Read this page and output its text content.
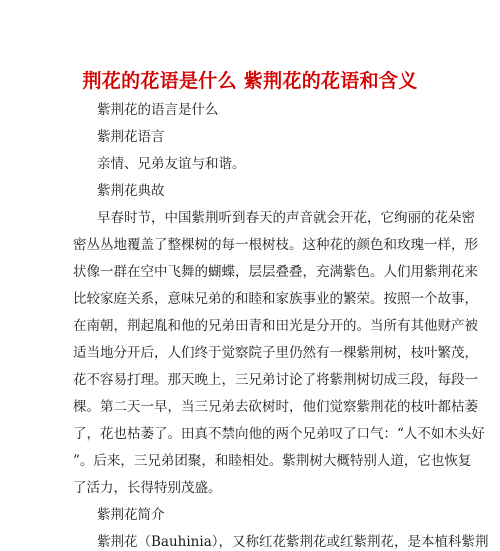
荆花的花语是什么 紫荆花的花语和含义
紫荆花的语言是什么
紫荆花语言
亲情、兄弟友谊与和谐。
紫荆花典故
早春时节，中国紫荆听到春天的声音就会开花，它绚丽的花朵密
密丛丛地覆盖了整棵树的每一根树枝。这种花的颜色和玫瑰一样，形
状像一群在空中飞舞的蝴蝶，层层叠叠，充满紫色。人们用紫荆花来
比较家庭关系，意味兄弟的和睦和家族事业的繁荣。按照一个故事，
在南朝，荆起胤和他的兄弟田青和田光是分开的。当所有其他财产被
适当地分开后，人们终于觉察院子里仍然有一棵紫荆树，枝叶繁茂，
花不容易打理。那天晚上，三兄弟讨论了将紫荆树切成三段，每段一
棵。第二天一早，当三兄弟去砍树时，他们觉察紫荆花的枝叶都枯萎
了，花也枯萎了。田真不禁向他的两个兄弟叹了口气：“人不如木头好
”。后来，三兄弟团聚，和睦相处。紫荆树大概特别人道，它也恢复
了活力，长得特别茂盛。
紫荆花简介
紫荆花（Bauhinia），又称红花紫荆花或红紫荆花，是本植科紫荆
